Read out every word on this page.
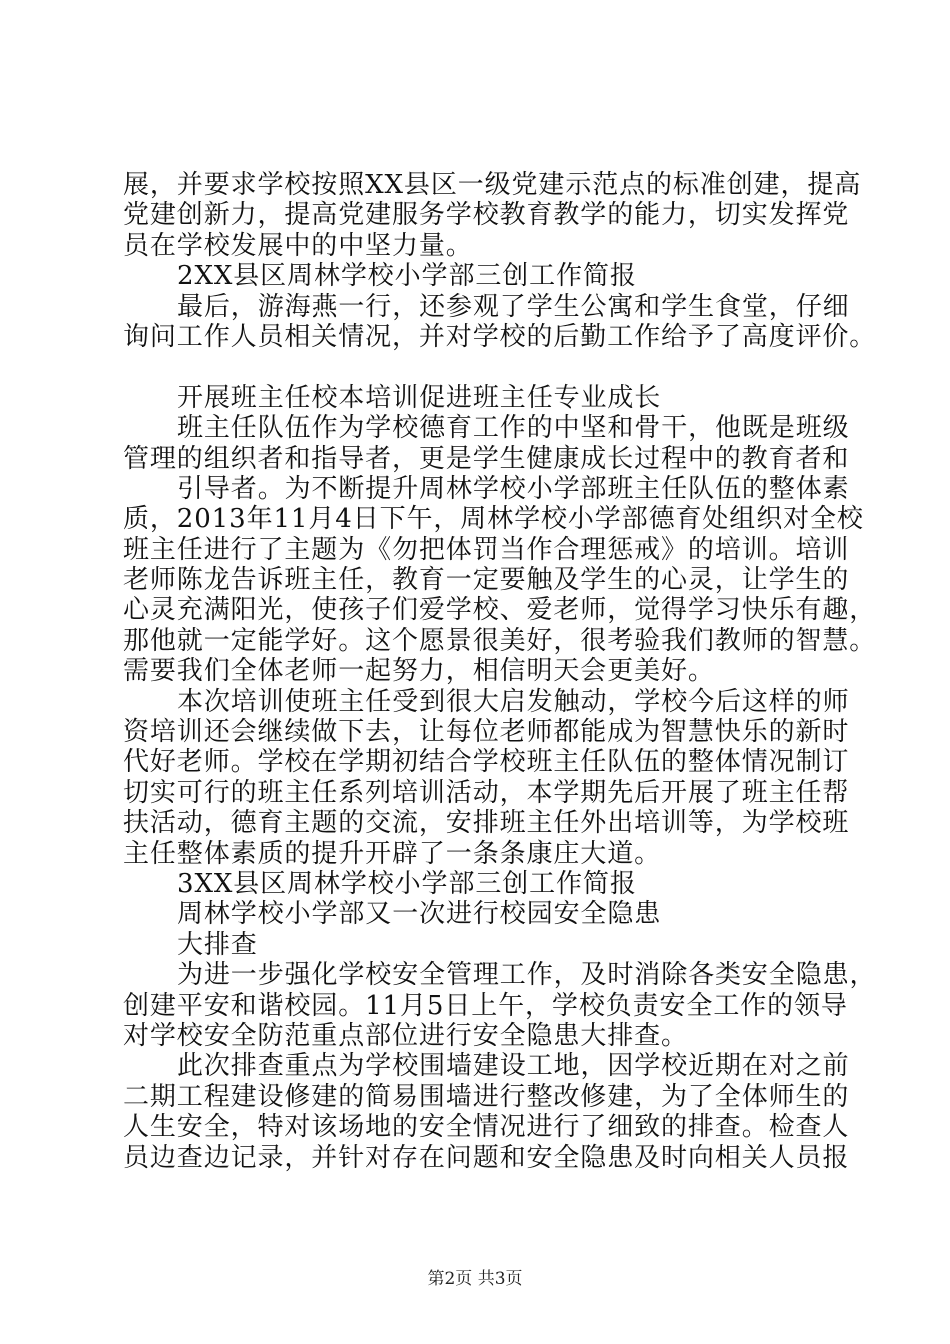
展，并要求学校按照XX县区一级党建示范点的标准创建，提高
党建创新力，提高党建服务学校教育教学的能力，切实发挥党
员在学校发展中的中坚力量。
2XX县区周林学校小学部三创工作简报
最后，游海燕一行，还参观了学生公寓和学生食堂，仔细
询问工作人员相关情况，并对学校的后勤工作给予了高度评价。
开展班主任校本培训促进班主任专业成长
班主任队伍作为学校德育工作的中坚和骨干，他既是班级
管理的组织者和指导者，更是学生健康成长过程中的教育者和
引导者。为不断提升周林学校小学部班主任队伍的整体素
质，2013年11月4日下午，周林学校小学部德育处组织对全校
班主任进行了主题为《勿把体罚当作合理惩戒》的培训。培训
老师陈龙告诉班主任，教育一定要触及学生的心灵，让学生的
心灵充满阳光，使孩子们爱学校、爱老师，觉得学习快乐有趣，
那他就一定能学好。这个愿景很美好，很考验我们教师的智慧。
需要我们全体老师一起努力，相信明天会更美好。
本次培训使班主任受到很大启发触动，学校今后这样的师
资培训还会继续做下去，让每位老师都能成为智慧快乐的新时
代好老师。学校在学期初结合学校班主任队伍的整体情况制订
切实可行的班主任系列培训活动，本学期先后开展了班主任帮
扶活动，德育主题的交流，安排班主任外出培训等，为学校班
主任整体素质的提升开辟了一条条康庄大道。
3XX县区周林学校小学部三创工作简报
周林学校小学部又一次进行校园安全隐患
大排查
为进一步强化学校安全管理工作，及时消除各类安全隐患，
创建平安和谐校园。11月5日上午，学校负责安全工作的领导
对学校安全防范重点部位进行安全隐患大排查。
此次排查重点为学校围墙建设工地，因学校近期在对之前
二期工程建设修建的简易围墙进行整改修建，为了全体师生的
人生安全，特对该场地的安全情况进行了细致的排查。检查人
员边查边记录，并针对存在问题和安全隐患及时向相关人员报
第2页 共3页
